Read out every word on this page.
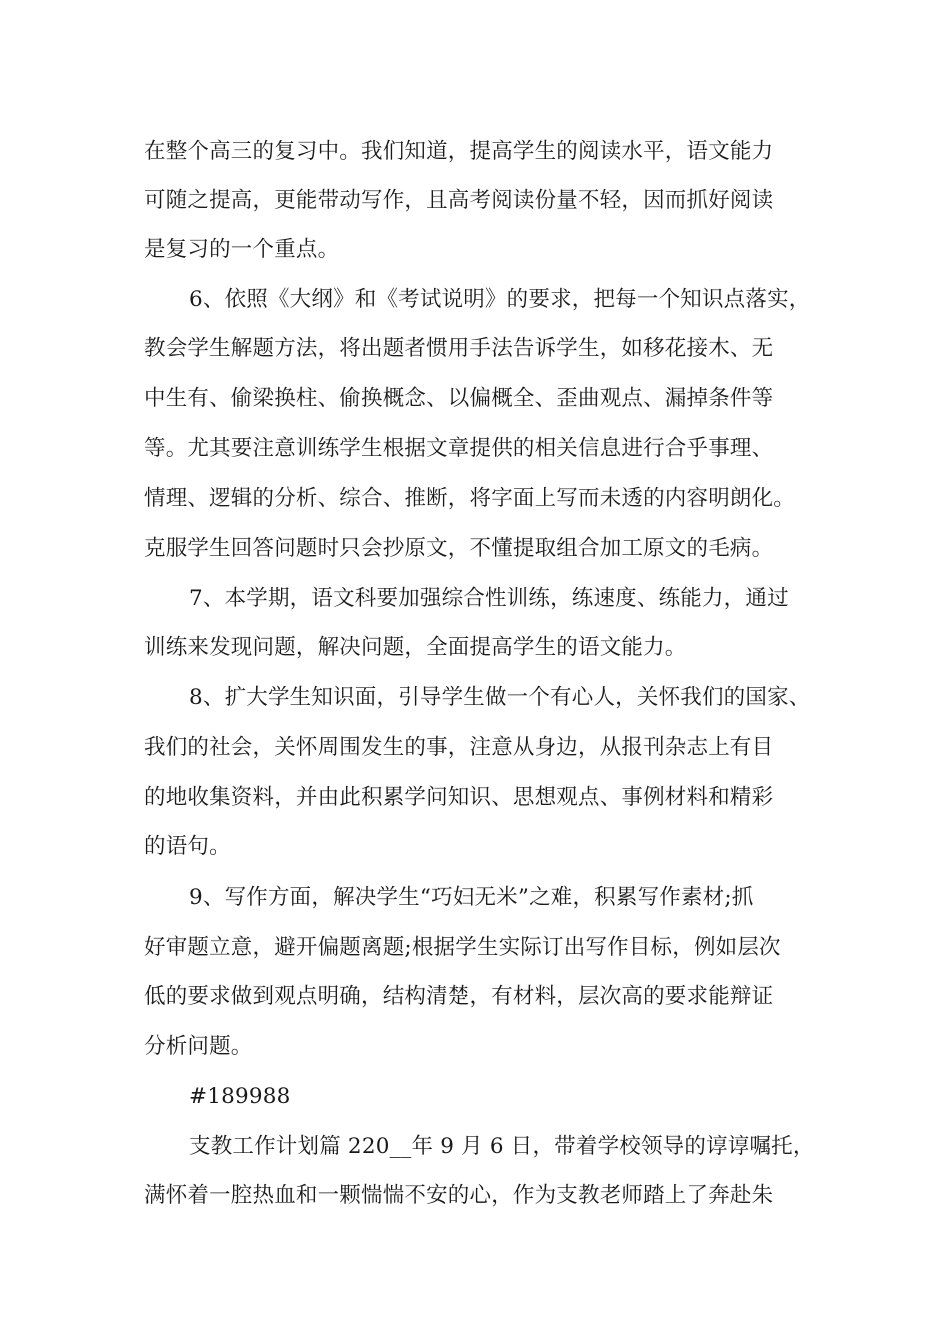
在整个高三的复习中。我们知道，提高学生的阅读水平，语文能力
可随之提高，更能带动写作，且高考阅读份量不轻，因而抓好阅读
是复习的一个重点。
6、依照《大纲》和《考试说明》的要求，把每一个知识点落实，
教会学生解题方法，将出题者惯用手法告诉学生，如移花接木、无
中生有、偷梁换柱、偷换概念、以偏概全、歪曲观点、漏掉条件等
等。尤其要注意训练学生根据文章提供的相关信息进行合乎事理、
情理、逻辑的分析、综合、推断，将字面上写而未透的内容明朗化。
克服学生回答问题时只会抄原文，不懂提取组合加工原文的毛病。
7、本学期，语文科要加强综合性训练，练速度、练能力，通过
训练来发现问题，解决问题，全面提高学生的语文能力。
8、扩大学生知识面，引导学生做一个有心人，关怀我们的国家、
我们的社会，关怀周围发生的事，注意从身边，从报刊杂志上有目
的地收集资料，并由此积累学问知识、思想观点、事例材料和精彩
的语句。
9、写作方面，解决学生“巧妇无米”之难，积累写作素材;抓
好审题立意，避开偏题离题;根据学生实际订出写作目标，例如层次
低的要求做到观点明确，结构清楚，有材料，层次高的要求能辩证
分析问题。
#189988
支教工作计划篇 220__年 9 月 6 日，带着学校领导的谆谆嘱托，
满怀着一腔热血和一颗惴惴不安的心，作为支教老师踏上了奔赴朱
